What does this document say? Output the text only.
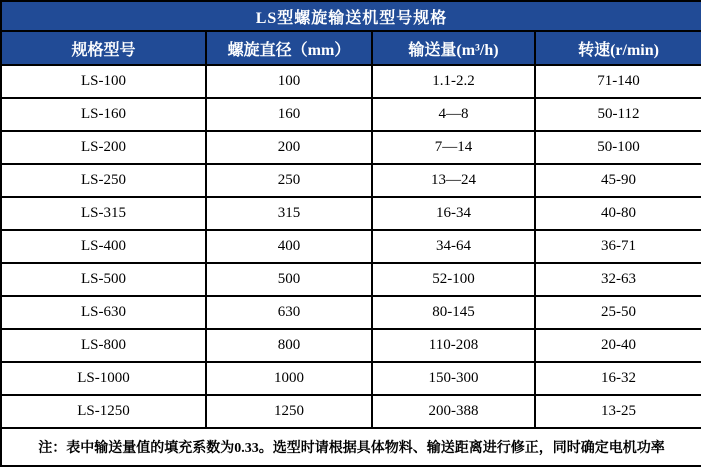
LS型螺旋输送机型号规格			
规格型号	螺旋直径（mm）	输送量(m³/h)	转速(r/min)
LS-100	100	1.1-2.2	71-140
LS-160	160	4—8	50-112
LS-200	200	7—14	50-100
LS-250	250	13—24	45-90
LS-315	315	16-34	40-80
LS-400	400	34-64	36-71
LS-500	500	52-100	32-63
LS-630	630	80-145	25-50
LS-800	800	110-208	20-40
LS-1000	1000	150-300	16-32
LS-1250	1250	200-388	13-25
注：表中输送量值的填充系数为0.33。选型时请根据具体物料、输送距离进行修正，同时确定电机功率			
